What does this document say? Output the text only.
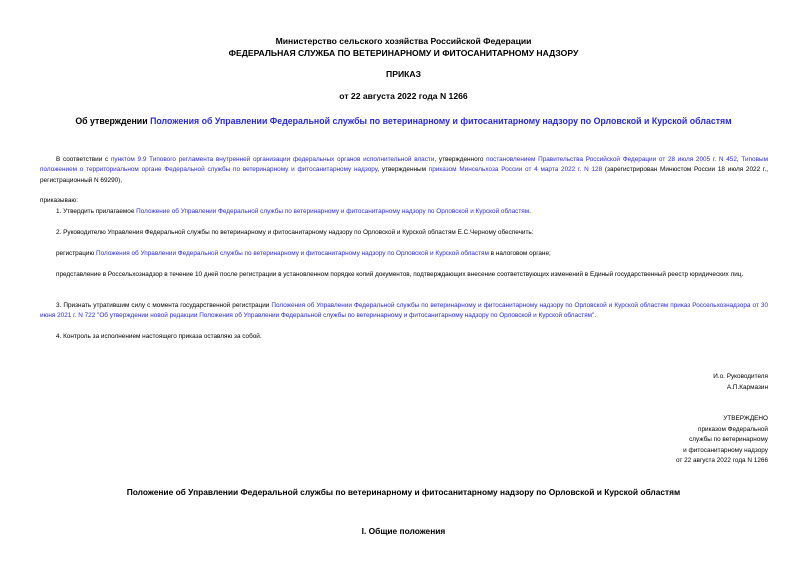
Министерство сельского хозяйства Российской Федерации
ФЕДЕРАЛЬНАЯ СЛУЖБА ПО ВЕТЕРИНАРНОМУ И ФИТОСАНИТАРНОМУ НАДЗОРУ
ПРИКАЗ
от 22 августа 2022 года N 1266
Об утверждении Положения об Управлении Федеральной службы по ветеринарному и фитосанитарному надзору по Орловской и Курской областям
В соответствии с пунктом 9.9 Типового регламента внутренней организации федеральных органов исполнительной власти, утвержденного постановлением Правительства Российской Федерации от 28 июля 2005 г. N 452, Типовым положением о территориальном органе Федеральной службы по ветеринарному и фитосанитарному надзору, утвержденным приказом Минсельхоза России от 4 марта 2022 г. N 128 (зарегистрирован Минюстом России 18 июля 2022 г., регистрационный N 69290),
приказываю:
1. Утвердить прилагаемое Положение об Управлении Федеральной службы по ветеринарному и фитосанитарному надзору по Орловской и Курской областям.
2. Руководителю Управления Федеральной службы по ветеринарному и фитосанитарному надзору по Орловской и Курской областям Е.С.Черному обеспечить:
регистрацию Положения об Управлении Федеральной службы по ветеринарному и фитосанитарному надзору по Орловской и Курской областям в налоговом органе;
представление в Россельхознадзор в течение 10 дней после регистрации в установленном порядке копий документов, подтверждающих внесение соответствующих изменений в Единый государственный реестр юридических лиц.
3. Признать утратившим силу с момента государственной регистрации Положения об Управлении Федеральной службы по ветеринарному и фитосанитарному надзору по Орловской и Курской областям приказ Россельхознадзора от 30 июня 2021 г. N 722 "Об утверждении новой редакции Положения об Управлении Федеральной службы по ветеринарному и фитосанитарному надзору по Орловской и Курской областям".
4. Контроль за исполнением настоящего приказа оставляю за собой.
И.о. Руководителя
А.П.Кармазин
УТВЕРЖДЕНО
приказом Федеральной
службы по ветеринарному
и фитосанитарному надзору
от 22 августа 2022 года N 1266
Положение об Управлении Федеральной службы по ветеринарному и фитосанитарному надзору по Орловской и Курской областям
I. Общие положения
